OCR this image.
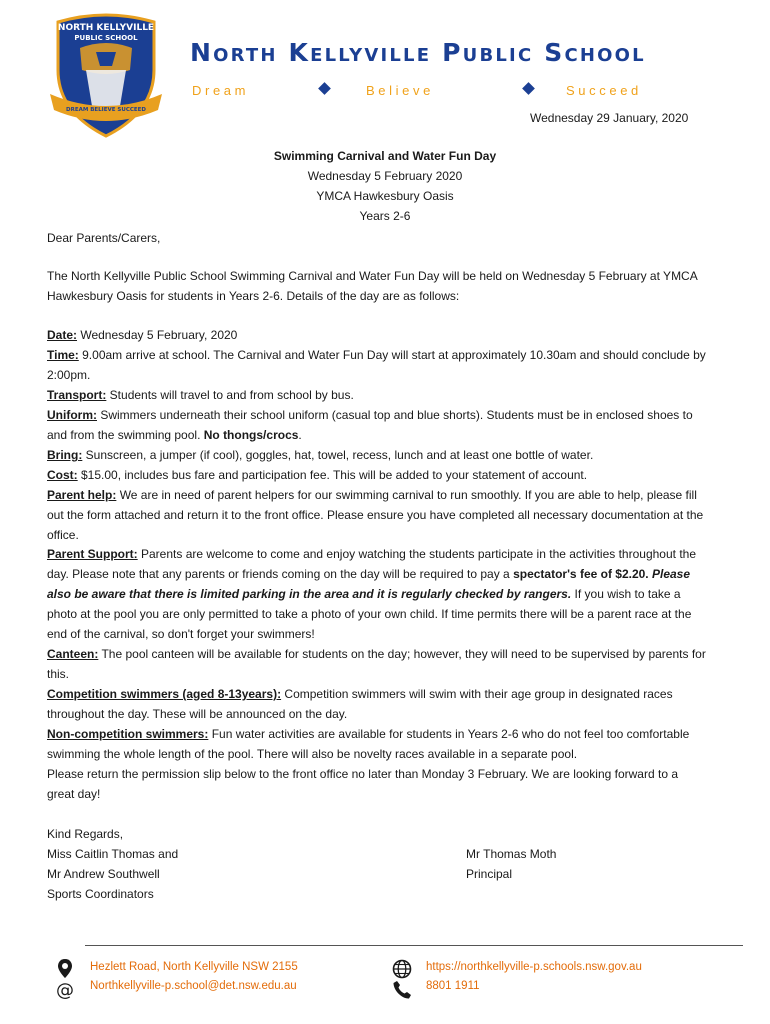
NORTH KELLYVILLE
PUBLIC SCHOOL
DREAM BELIEVE SUCCEED
North Kellyville Public School
D r e a m	B e l i e v e	S u c c e e d
Wednesday 29 January, 2020
Swimming Carnival and Water Fun Day
Wednesday 5 February 2020
YMCA Hawkesbury Oasis
Years 2-6
Dear Parents/Carers,
The North Kellyville Public School Swimming Carnival and Water Fun Day will be held on Wednesday 5 February at YMCA
Hawkesbury Oasis for students in Years 2-6. Details of the day are as follows:
Date: Wednesday 5 February, 2020
Time: 9.00am arrive at school. The Carnival and Water Fun Day will start at approximately 10.30am and should conclude by
2:00pm.
Transport: Students will travel to and from school by bus.
Uniform: Swimmers underneath their school uniform (casual top and blue shorts). Students must be in enclosed shoes to
and from the swimming pool. No thongs/crocs.
Bring: Sunscreen, a jumper (if cool), goggles, hat, towel, recess, lunch and at least one bottle of water.
Cost: $15.00, includes bus fare and participation fee. This will be added to your statement of account.
Parent help: We are in need of parent helpers for our swimming carnival to run smoothly. If you are able to help, please fill
out the form attached and return it to the front office. Please ensure you have completed all necessary documentation at the
office.
Parent Support: Parents are welcome to come and enjoy watching the students participate in the activities throughout the
day. Please note that any parents or friends coming on the day will be required to pay a spectator's fee of $2.20. Please
also be aware that there is limited parking in the area and it is regularly checked by rangers. If you wish to take a
photo at the pool you are only permitted to take a photo of your own child. If time permits there will be a parent race at the
end of the carnival, so don't forget your swimmers!
Canteen: The pool canteen will be available for students on the day; however, they will need to be supervised by parents for
this.
Competition swimmers (aged 8-13years): Competition swimmers will swim with their age group in designated races
throughout the day. These will be announced on the day.
Non-competition swimmers: Fun water activities are available for students in Years 2-6 who do not feel too comfortable
swimming the whole length of the pool. There will also be novelty races available in a separate pool.
Please return the permission slip below to the front office no later than Monday 3 February. We are looking forward to a
great day!
Kind Regards,
Miss Caitlin Thomas and
Mr Andrew Southwell
Sports Coordinators
Mr Thomas Moth
Principal
@
Hezlett Road, North Kellyville NSW 2155
Northkellyville-p.school@det.nsw.edu.au
https://northkellyville-p.schools.nsw.gov.au
8801 1911
